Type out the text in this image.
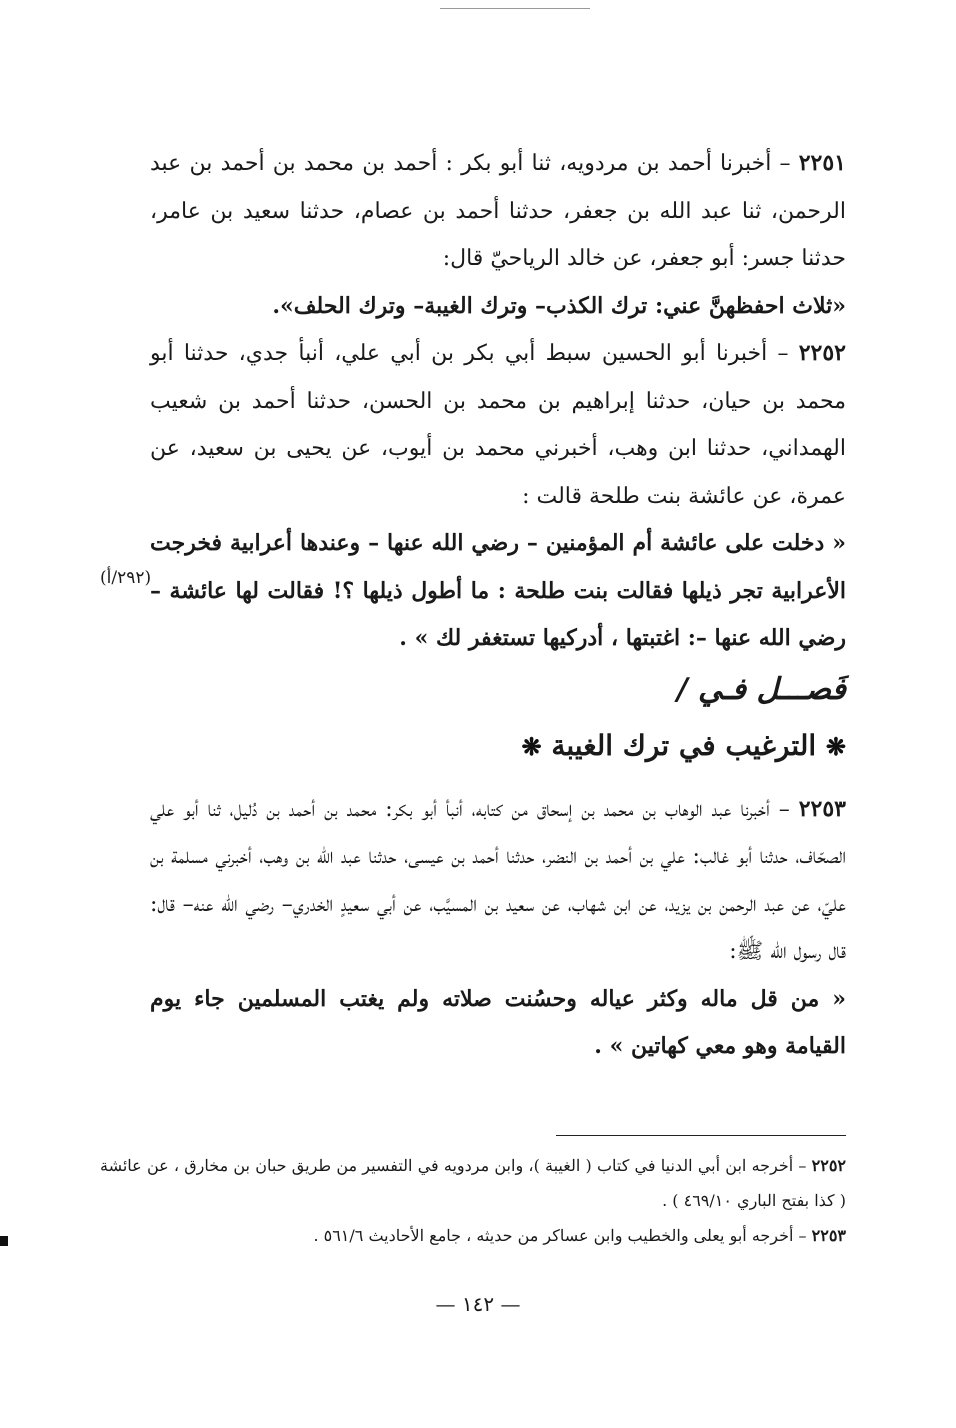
٢٢٥١ – أخبرنا أحمد بن مردويه، ثنا أبو بكر : أحمد بن محمد بن أحمد بن عبد الرحمن، ثنا عبد الله بن جعفر، حدثنا أحمد بن عصام، حدثنا سعيد بن عامر، حدثنا جسر: أبو جعفر، عن خالد الرياحيّ قال:

«ثلاث احفظهنَّ عني: ترك الكذب– وترك الغيبة– وترك الحلف».

٢٢٥٢ – أخبرنا أبو الحسين سبط أبي بكر بن أبي علي، أنبأ جدي، حدثنا أبو محمد بن حيان، حدثنا إبراهيم بن محمد بن الحسن، حدثنا أحمد بن شعيب الهمداني، حدثنا ابن وهب، أخبرني محمد بن أيوب، عن يحيى بن سعيد، عن عمرة، عن عائشة بنت طلحة قالت :

« دخلت على عائشة أم المؤمنين – رضي الله عنها – وعندها أعرابية فخرجت الأعرابية تجر ذيلها فقالت بنت طلحة : ما أطول ذيلها ؟! فقالت لها عائشة – رضي الله عنها –: اغتبتها ، أدركيها تستغفر لك » .

فَصـــل فـي /

❋ الترغيب في ترك الغيبة ❋

٢٢٥٣ – أخبرنا عبد الوهاب بن محمد بن إسحاق من كتابه، أنبأ أبو بكر: محمد بن أحمد بن دُليل، ثنا أبو علي الصحّاف، حدثنا أبو غالب: علي بن أحمد بن النضر، حدثنا أحمد بن عيسى، حدثنا عبد الله بن وهب، أخبرني مسلمة بن عليّ، عن عبد الرحمن بن يزيد، عن ابن شهاب، عن سعيد بن المسيَّب، عن أبي سعيدٍ الخدري– رضي الله عنه– قال: قال رسول الله ﷺ:

« من قل ماله وكثر عياله وحسُنت صلاته ولم يغتب المسلمين جاء يوم القيامة وهو معي كهاتين » .

(٢٩٢/أ)

٢٢٥٢ – أخرجه ابن أبي الدنيا في كتاب ( الغيبة )، وابن مردويه في التفسير من طريق حبان بن مخارق ، عن عائشة ( كذا بفتح الباري ٤٦٩/١٠ ) .

٢٢٥٣ – أخرجه أبو يعلى والخطيب وابن عساكر من حديثه ، جامع الأحاديث ٥٦١/٦ .

— ١٤٢ —
